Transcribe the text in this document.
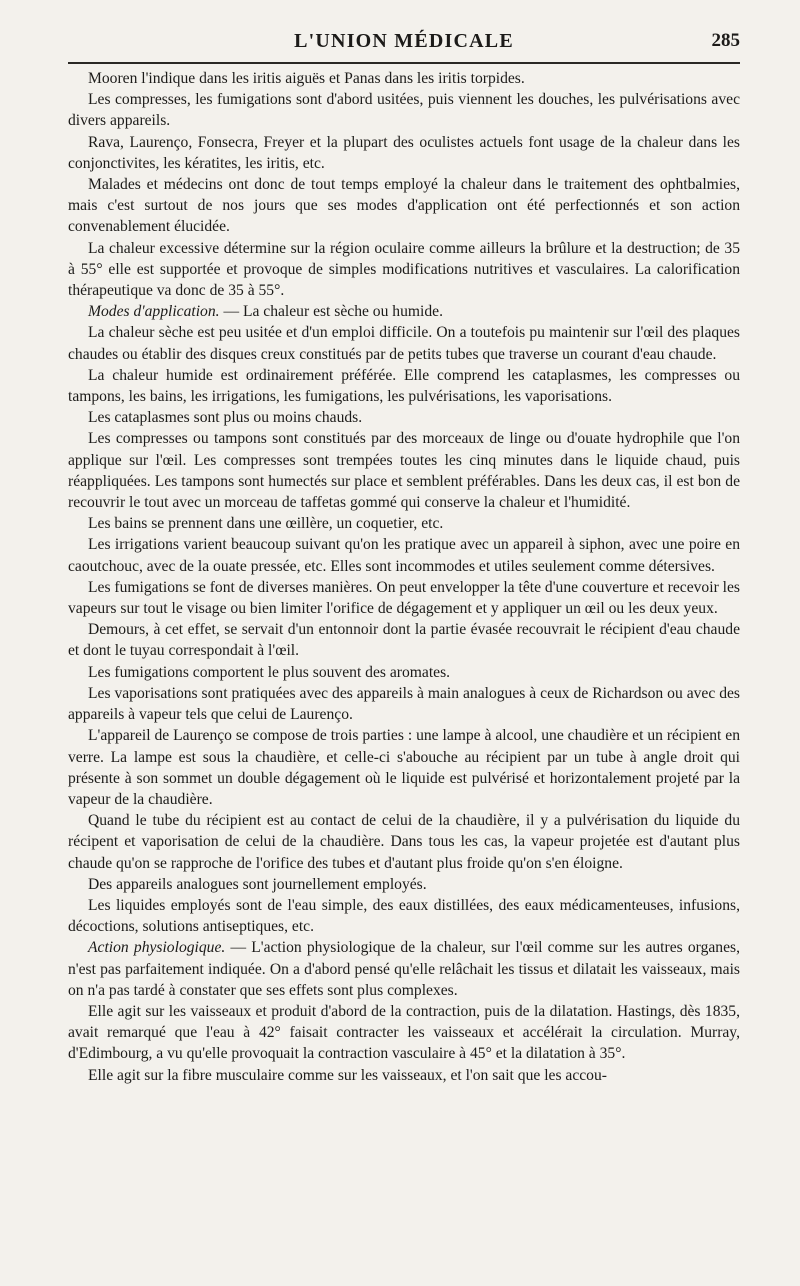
L'UNION MÉDICALE	285

Mooren l'indique dans les iritis aiguës et Panas dans les iritis torpides.

Les compresses, les fumigations sont d'abord usitées, puis viennent les douches, les pulvérisations avec divers appareils.

Rava, Laurenço, Fonsecra, Freyer et la plupart des oculistes actuels font usage de la chaleur dans les conjonctivites, les kératites, les iritis, etc.

Malades et médecins ont donc de tout temps employé la chaleur dans le traitement des ophtbalmies, mais c'est surtout de nos jours que ses modes d'application ont été perfectionnés et son action convenablement élucidée.

La chaleur excessive détermine sur la région oculaire comme ailleurs la brûlure et la destruction; de 35 à 55° elle est supportée et provoque de simples modifications nutritives et vasculaires. La calorification thérapeutique va donc de 35 à 55°.

Modes d'application. — La chaleur est sèche ou humide.

La chaleur sèche est peu usitée et d'un emploi difficile. On a toutefois pu maintenir sur l'œil des plaques chaudes ou établir des disques creux constitués par de petits tubes que traverse un courant d'eau chaude.

La chaleur humide est ordinairement préférée. Elle comprend les cataplasmes, les compresses ou tampons, les bains, les irrigations, les fumigations, les pulvérisations, les vaporisations.

Les cataplasmes sont plus ou moins chauds.

Les compresses ou tampons sont constitués par des morceaux de linge ou d'ouate hydrophile que l'on applique sur l'œil. Les compresses sont trempées toutes les cinq minutes dans le liquide chaud, puis réappliquées. Les tampons sont humectés sur place et semblent préférables. Dans les deux cas, il est bon de recouvrir le tout avec un morceau de taffetas gommé qui conserve la chaleur et l'humidité.

Les bains se prennent dans une œillère, un coquetier, etc.

Les irrigations varient beaucoup suivant qu'on les pratique avec un appareil à siphon, avec une poire en caoutchouc, avec de la ouate pressée, etc. Elles sont incommodes et utiles seulement comme détersives.

Les fumigations se font de diverses manières. On peut envelopper la tête d'une couverture et recevoir les vapeurs sur tout le visage ou bien limiter l'orifice de dégagement et y appliquer un œil ou les deux yeux.

Demours, à cet effet, se servait d'un entonnoir dont la partie évasée recouvrait le récipient d'eau chaude et dont le tuyau correspondait à l'œil.

Les fumigations comportent le plus souvent des aromates.

Les vaporisations sont pratiquées avec des appareils à main analogues à ceux de Richardson ou avec des appareils à vapeur tels que celui de Laurenço.

L'appareil de Laurenço se compose de trois parties : une lampe à alcool, une chaudière et un récipient en verre. La lampe est sous la chaudière, et celle-ci s'abouche au récipient par un tube à angle droit qui présente à son sommet un double dégagement où le liquide est pulvérisé et horizontalement projeté par la vapeur de la chaudière.

Quand le tube du récipient est au contact de celui de la chaudière, il y a pulvérisation du liquide du récipent et vaporisation de celui de la chaudière. Dans tous les cas, la vapeur projetée est d'autant plus chaude qu'on se rapproche de l'orifice des tubes et d'autant plus froide qu'on s'en éloigne.

Des appareils analogues sont journellement employés.

Les liquides employés sont de l'eau simple, des eaux distillées, des eaux médicamenteuses, infusions, décoctions, solutions antiseptiques, etc.

Action physiologique. — L'action physiologique de la chaleur, sur l'œil comme sur les autres organes, n'est pas parfaitement indiquée. On a d'abord pensé qu'elle relâchait les tissus et dilatait les vaisseaux, mais on n'a pas tardé à constater que ses effets sont plus complexes.

Elle agit sur les vaisseaux et produit d'abord de la contraction, puis de la dilatation. Hastings, dès 1835, avait remarqué que l'eau à 42° faisait contracter les vaisseaux et accélérait la circulation. Murray, d'Edimbourg, a vu qu'elle provoquait la contraction vasculaire à 45° et la dilatation à 35°.

Elle agit sur la fibre musculaire comme sur les vaisseaux, et l'on sait que les accou-
